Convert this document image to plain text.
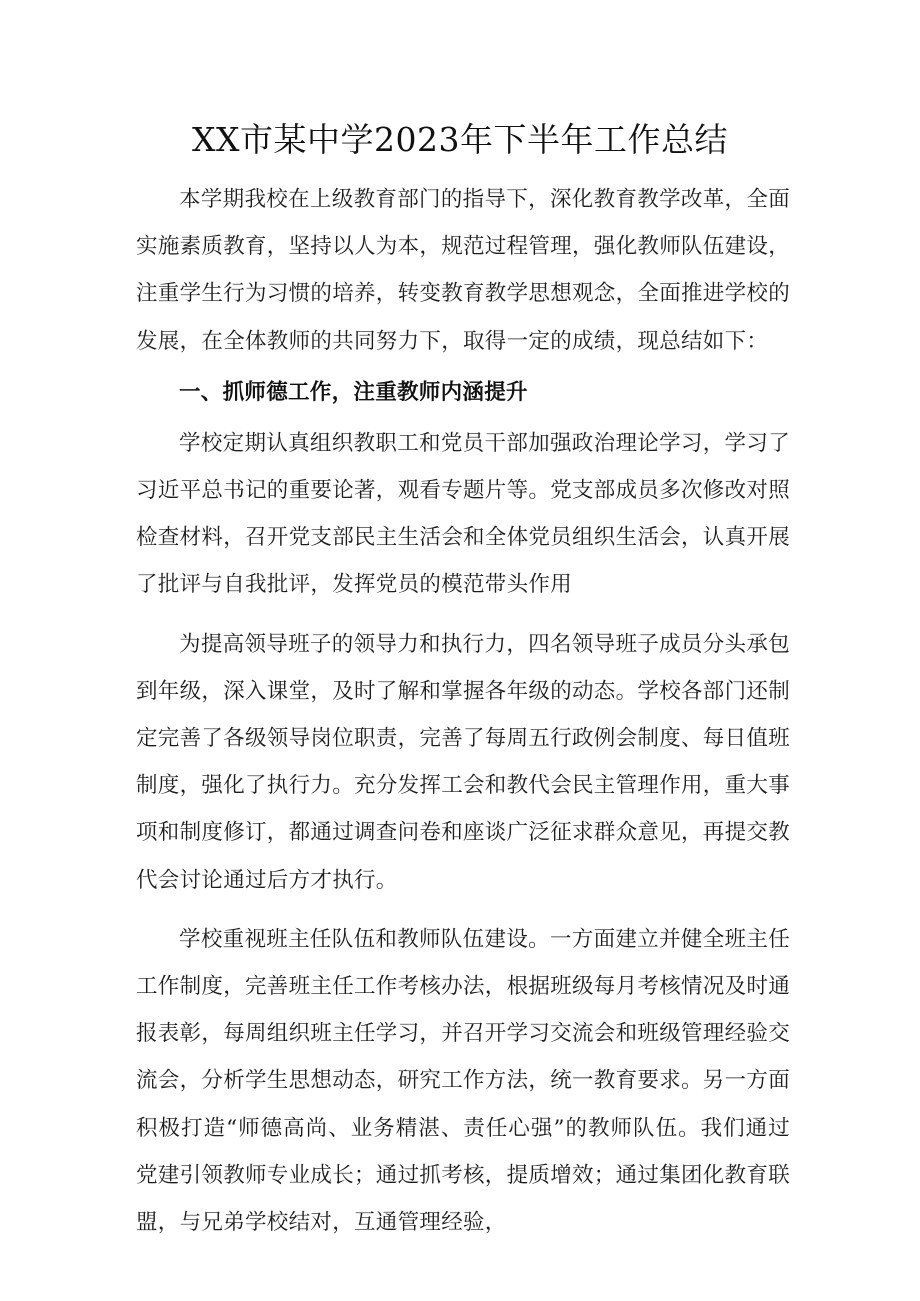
XX市某中学2023年下半年工作总结

本学期我校在上级教育部门的指导下，深化教育教学改革，全面实施素质教育，坚持以人为本，规范过程管理，强化教师队伍建设，注重学生行为习惯的培养，转变教育教学思想观念，全面推进学校的发展，在全体教师的共同努力下，取得一定的成绩，现总结如下：

一、抓师德工作，注重教师内涵提升

学校定期认真组织教职工和党员干部加强政治理论学习，学习了习近平总书记的重要论著，观看专题片等。党支部成员多次修改对照检查材料，召开党支部民主生活会和全体党员组织生活会，认真开展了批评与自我批评，发挥党员的模范带头作用

为提高领导班子的领导力和执行力，四名领导班子成员分头承包到年级，深入课堂，及时了解和掌握各年级的动态。学校各部门还制定完善了各级领导岗位职责，完善了每周五行政例会制度、每日值班制度，强化了执行力。充分发挥工会和教代会民主管理作用，重大事项和制度修订，都通过调查问卷和座谈广泛征求群众意见，再提交教代会讨论通过后方才执行。

学校重视班主任队伍和教师队伍建设。一方面建立并健全班主任工作制度，完善班主任工作考核办法，根据班级每月考核情况及时通报表彰，每周组织班主任学习，并召开学习交流会和班级管理经验交流会，分析学生思想动态，研究工作方法，统一教育要求。另一方面积极打造“师德高尚、业务精湛、责任心强”的教师队伍。我们通过党建引领教师专业成长；通过抓考核，提质增效；通过集团化教育联盟，与兄弟学校结对，互通管理经验，
